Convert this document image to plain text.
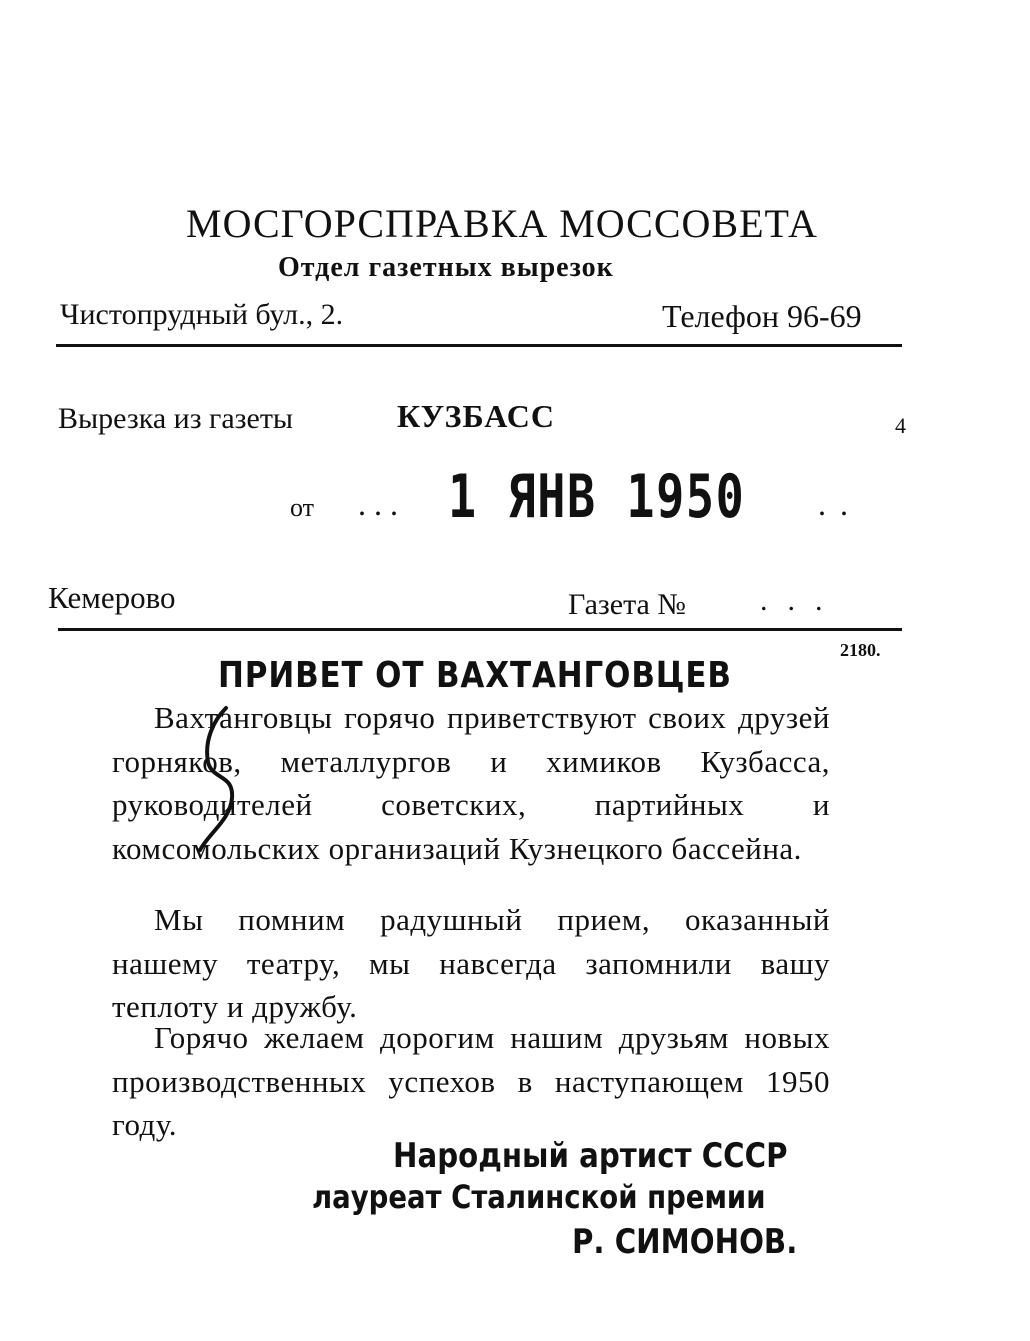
МОСГОРСПРАВКА МОССОВЕТА
Отдел газетных вырезок
Чистопрудный бул., 2.	Телефон 96-69
Вырезка из газеты	КУЗБАСС	4
от ... 1 ЯНВ 1950 ..
Кемерово	Газета № ...
2180.
ПРИВЕТ ОТ ВАХТАНГОВЦЕВ
Вахтанговцы горячо приветствуют своих друзей горняков, металлургов и химиков Кузбасса, руководителей советских, партийных и комсомольских организаций Кузнецкого бассейна.
Мы помним радушный прием, оказанный нашему театру, мы навсегда запомнили вашу теплоту и дружбу.
Горячо желаем дорогим нашим друзьям новых производственных успехов в наступающем 1950 году.
Народный артист СССР
лауреат Сталинской премии
Р. СИМОНОВ.
